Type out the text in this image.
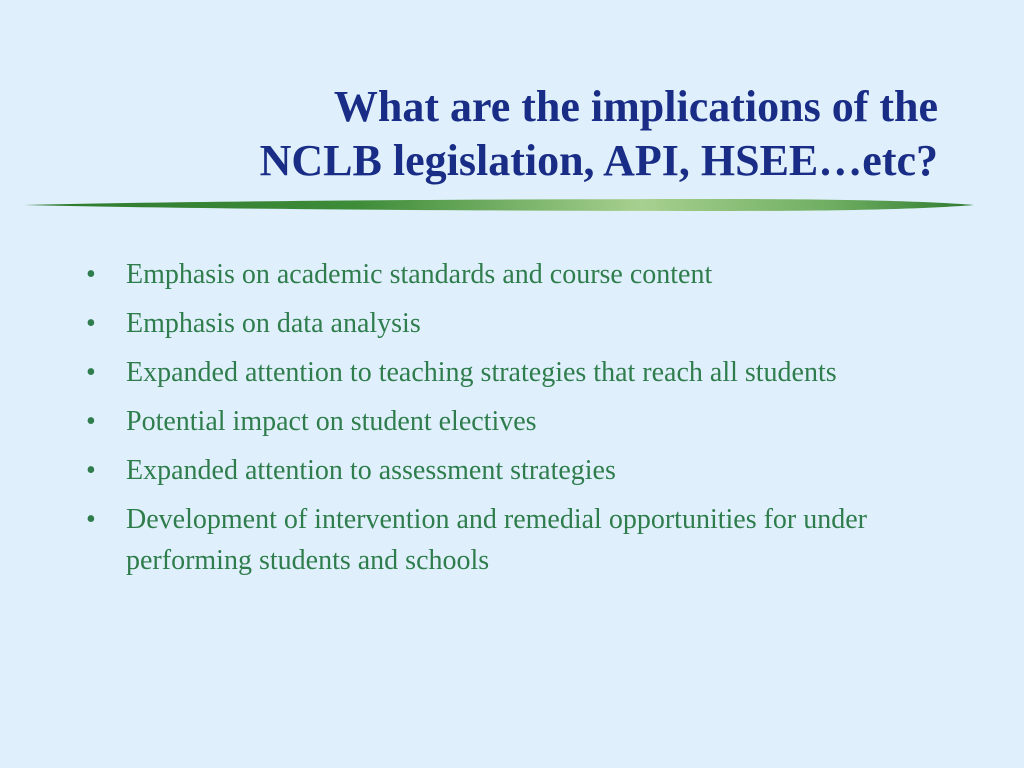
What are the implications of the
NCLB legislation, API, HSEE…etc?
•	Emphasis on academic standards and course content
•	Emphasis on data analysis
•	Expanded attention to teaching strategies that reach all students
•	Potential impact on student electives
•	Expanded attention to assessment strategies
•	Development of intervention and remedial opportunities for under performing students and schools
